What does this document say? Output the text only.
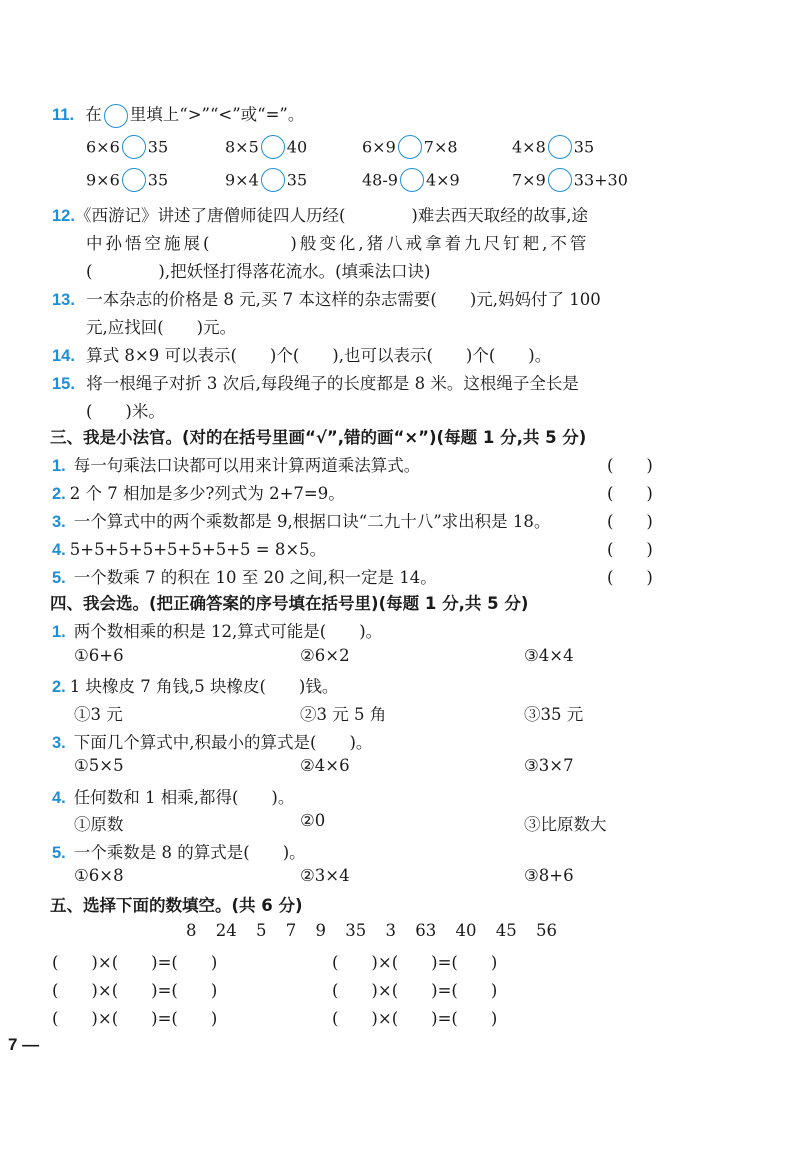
11. 在 里填上“>”“<”或“=”。
6×6 35	8×5 40	6×9 7×8	4×8 35
9×6 35	9×4 35	48-9 4×9	7×9 33+30
12.《西游记》讲述了唐僧师徒四人历经(　　　　)难去西天取经的故事,途
中孙悟空施展(　　　　)般变化,猪八戒拿着九尺钉耙,不管
(　　　　),把妖怪打得落花流水。(填乘法口诀)
13. 一本杂志的价格是 8 元,买 7 本这样的杂志需要(　　)元,妈妈付了 100
元,应找回(　　)元。
14. 算式 8×9 可以表示(　　)个(　　),也可以表示(　　)个(　　)。
15. 将一根绳子对折 3 次后,每段绳子的长度都是 8 米。这根绳子全长是
(　　)米。
三、我是小法官。(对的在括号里画“√”,错的画“×”)(每题 1 分,共 5 分)
1. 每一句乘法口诀都可以用来计算两道乘法算式。	(　　)
2. 2 个 7 相加是多少?列式为 2+7=9。	(　　)
3. 一个算式中的两个乘数都是 9,根据口诀“二九十八”求出积是 18。	(　　)
4. 5+5+5+5+5+5+5+5 = 8×5。	(　　)
5. 一个数乘 7 的积在 10 至 20 之间,积一定是 14。	(　　)
四、我会选。(把正确答案的序号填在括号里)(每题 1 分,共 5 分)
1. 两个数相乘的积是 12,算式可能是(　　)。
①6+6	②6×2	③4×4
2. 1 块橡皮 7 角钱,5 块橡皮(　　)钱。
①3 元	②3 元 5 角	③35 元
3. 下面几个算式中,积最小的算式是(　　)。
①5×5	②4×6	③3×7
4. 任何数和 1 相乘,都得(　　)。
①原数	②0	③比原数大
5. 一个乘数是 8 的算式是(　　)。
①6×8	②3×4	③8+6
五、选择下面的数填空。(共 6 分)
8 24 5 7 9 35 3 63 40 45 56
(　　)×(　　)=(　　)	(　　)×(　　)=(　　)
(　　)×(　　)=(　　)	(　　)×(　　)=(　　)
(　　)×(　　)=(　　)	(　　)×(　　)=(　　)
7 —
